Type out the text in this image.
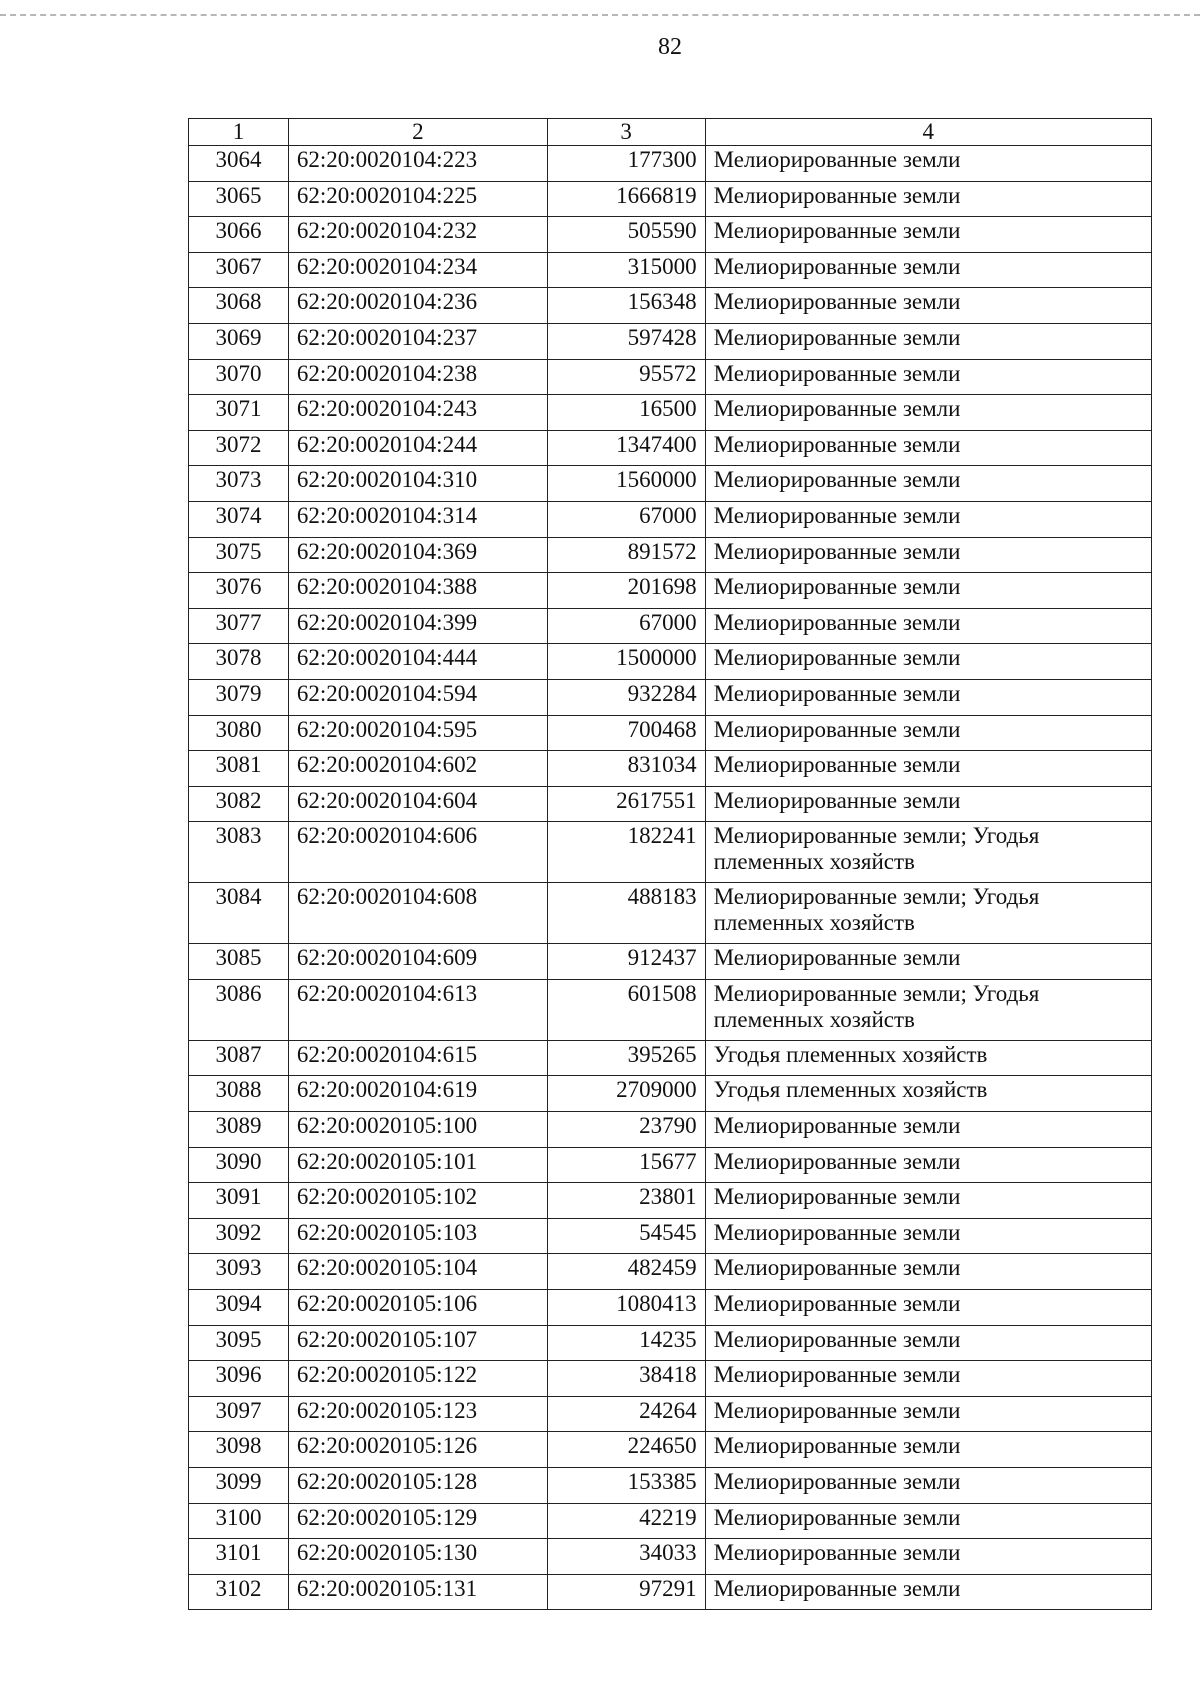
82
1	2	3	4
3064	62:20:0020104:223	177300	Мелиорированные земли
3065	62:20:0020104:225	1666819	Мелиорированные земли
3066	62:20:0020104:232	505590	Мелиорированные земли
3067	62:20:0020104:234	315000	Мелиорированные земли
3068	62:20:0020104:236	156348	Мелиорированные земли
3069	62:20:0020104:237	597428	Мелиорированные земли
3070	62:20:0020104:238	95572	Мелиорированные земли
3071	62:20:0020104:243	16500	Мелиорированные земли
3072	62:20:0020104:244	1347400	Мелиорированные земли
3073	62:20:0020104:310	1560000	Мелиорированные земли
3074	62:20:0020104:314	67000	Мелиорированные земли
3075	62:20:0020104:369	891572	Мелиорированные земли
3076	62:20:0020104:388	201698	Мелиорированные земли
3077	62:20:0020104:399	67000	Мелиорированные земли
3078	62:20:0020104:444	1500000	Мелиорированные земли
3079	62:20:0020104:594	932284	Мелиорированные земли
3080	62:20:0020104:595	700468	Мелиорированные земли
3081	62:20:0020104:602	831034	Мелиорированные земли
3082	62:20:0020104:604	2617551	Мелиорированные земли
3083	62:20:0020104:606	182241	Мелиорированные земли; Угодья племенных хозяйств
3084	62:20:0020104:608	488183	Мелиорированные земли; Угодья племенных хозяйств
3085	62:20:0020104:609	912437	Мелиорированные земли
3086	62:20:0020104:613	601508	Мелиорированные земли; Угодья племенных хозяйств
3087	62:20:0020104:615	395265	Угодья племенных хозяйств
3088	62:20:0020104:619	2709000	Угодья племенных хозяйств
3089	62:20:0020105:100	23790	Мелиорированные земли
3090	62:20:0020105:101	15677	Мелиорированные земли
3091	62:20:0020105:102	23801	Мелиорированные земли
3092	62:20:0020105:103	54545	Мелиорированные земли
3093	62:20:0020105:104	482459	Мелиорированные земли
3094	62:20:0020105:106	1080413	Мелиорированные земли
3095	62:20:0020105:107	14235	Мелиорированные земли
3096	62:20:0020105:122	38418	Мелиорированные земли
3097	62:20:0020105:123	24264	Мелиорированные земли
3098	62:20:0020105:126	224650	Мелиорированные земли
3099	62:20:0020105:128	153385	Мелиорированные земли
3100	62:20:0020105:129	42219	Мелиорированные земли
3101	62:20:0020105:130	34033	Мелиорированные земли
3102	62:20:0020105:131	97291	Мелиорированные земли
